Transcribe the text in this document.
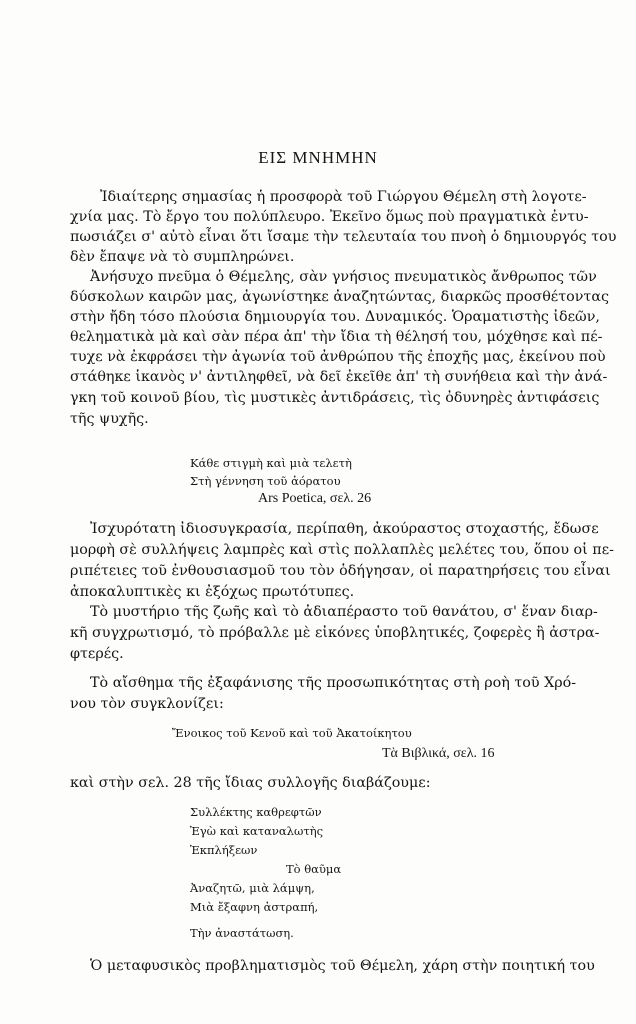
ΕΙΣ ΜΝΗΜΗΝ
Ἰδιαίτερης σημασίας ἡ προσφορὰ τοῦ Γιώργου Θέμελη στὴ λογοτε-
χνία μας. Τὸ ἔργο του πολύπλευρο. Ἐκεῖνο ὅμως ποὺ πραγματικὰ ἐντυ-
πωσιάζει σ' αὐτὸ εἶναι ὅτι ἴσαμε τὴν τελευταία του πνοὴ ὁ δημιουργός του
δὲν ἔπαψε νὰ τὸ συμπληρώνει.
Ἀνήσυχο πνεῦμα ὁ Θέμελης, σὰν γνήσιος πνευματικὸς ἄνθρωπος τῶν
δύσκολων καιρῶν μας, ἀγωνίστηκε ἀναζητώντας, διαρκῶς προσθέτοντας
στὴν ἤδη τόσο πλούσια δημιουργία του. Δυναμικός. Ὁραματιστὴς ἰδεῶν,
θεληματικὰ μὰ καὶ σὰν πέρα ἀπ' τὴν ἴδια τὴ θέλησή του, μόχθησε καὶ πέ-
τυχε νὰ ἐκφράσει τὴν ἀγωνία τοῦ ἀνθρώπου τῆς ἐποχῆς μας, ἐκείνου ποὺ
στάθηκε ἱκανὸς ν' ἀντιληφθεῖ, νὰ δεῖ ἐκεῖθε ἀπ' τὴ συνήθεια καὶ τὴν ἀνά-
γκη τοῦ κοινοῦ βίου, τὶς μυστικὲς ἀντιδράσεις, τὶς ὀδυνηρὲς ἀντιφάσεις
τῆς ψυχῆς.
Κάθε στιγμὴ καὶ μιὰ τελετὴ
Στὴ γέννηση τοῦ ἀόρατου
Ars Poetica, σελ. 26
Ἰσχυρότατη ἰδιοσυγκρασία, περίπαθη, ἀκούραστος στοχαστής, ἔδωσε
μορφὴ σὲ συλλήψεις λαμπρὲς καὶ στὶς πολλαπλὲς μελέτες του, ὅπου οἱ πε-
ριπέτειες τοῦ ἐνθουσιασμοῦ του τὸν ὁδήγησαν, οἱ παρατηρήσεις του εἶναι
ἀποκαλυπτικὲς κι ἐξόχως πρωτότυπες.
Τὸ μυστήριο τῆς ζωῆς καὶ τὸ ἀδιαπέραστο τοῦ θανάτου, σ' ἕναν διαρ-
κῆ συγχρωτισμό, τὸ πρόβαλλε μὲ εἰκόνες ὑποβλητικές, ζοφερὲς ἢ ἀστρα-
φτερές.
Τὸ αἴσθημα τῆς ἐξαφάνισης τῆς προσωπικότητας στὴ ροὴ τοῦ Χρό-
νου τὸν συγκλονίζει:
Ἔνοικος τοῦ Κενοῦ καὶ τοῦ Ἀκατοίκητου
Τὰ Βιβλικά, σελ. 16
καὶ στὴν σελ. 28 τῆς ἴδιας συλλογῆς διαβάζουμε:
Συλλέκτης καθρεφτῶν
Ἐγὼ καὶ καταναλωτὴς
Ἐκπλήξεων
Τὸ θαῦμα
Ἀναζητῶ, μιὰ λάμψη,
Μιὰ ἔξαφνη ἀστραπή,
Τὴν ἀναστάτωση.
Ὁ μεταφυσικὸς προβληματισμὸς τοῦ Θέμελη, χάρη στὴν ποιητική του
